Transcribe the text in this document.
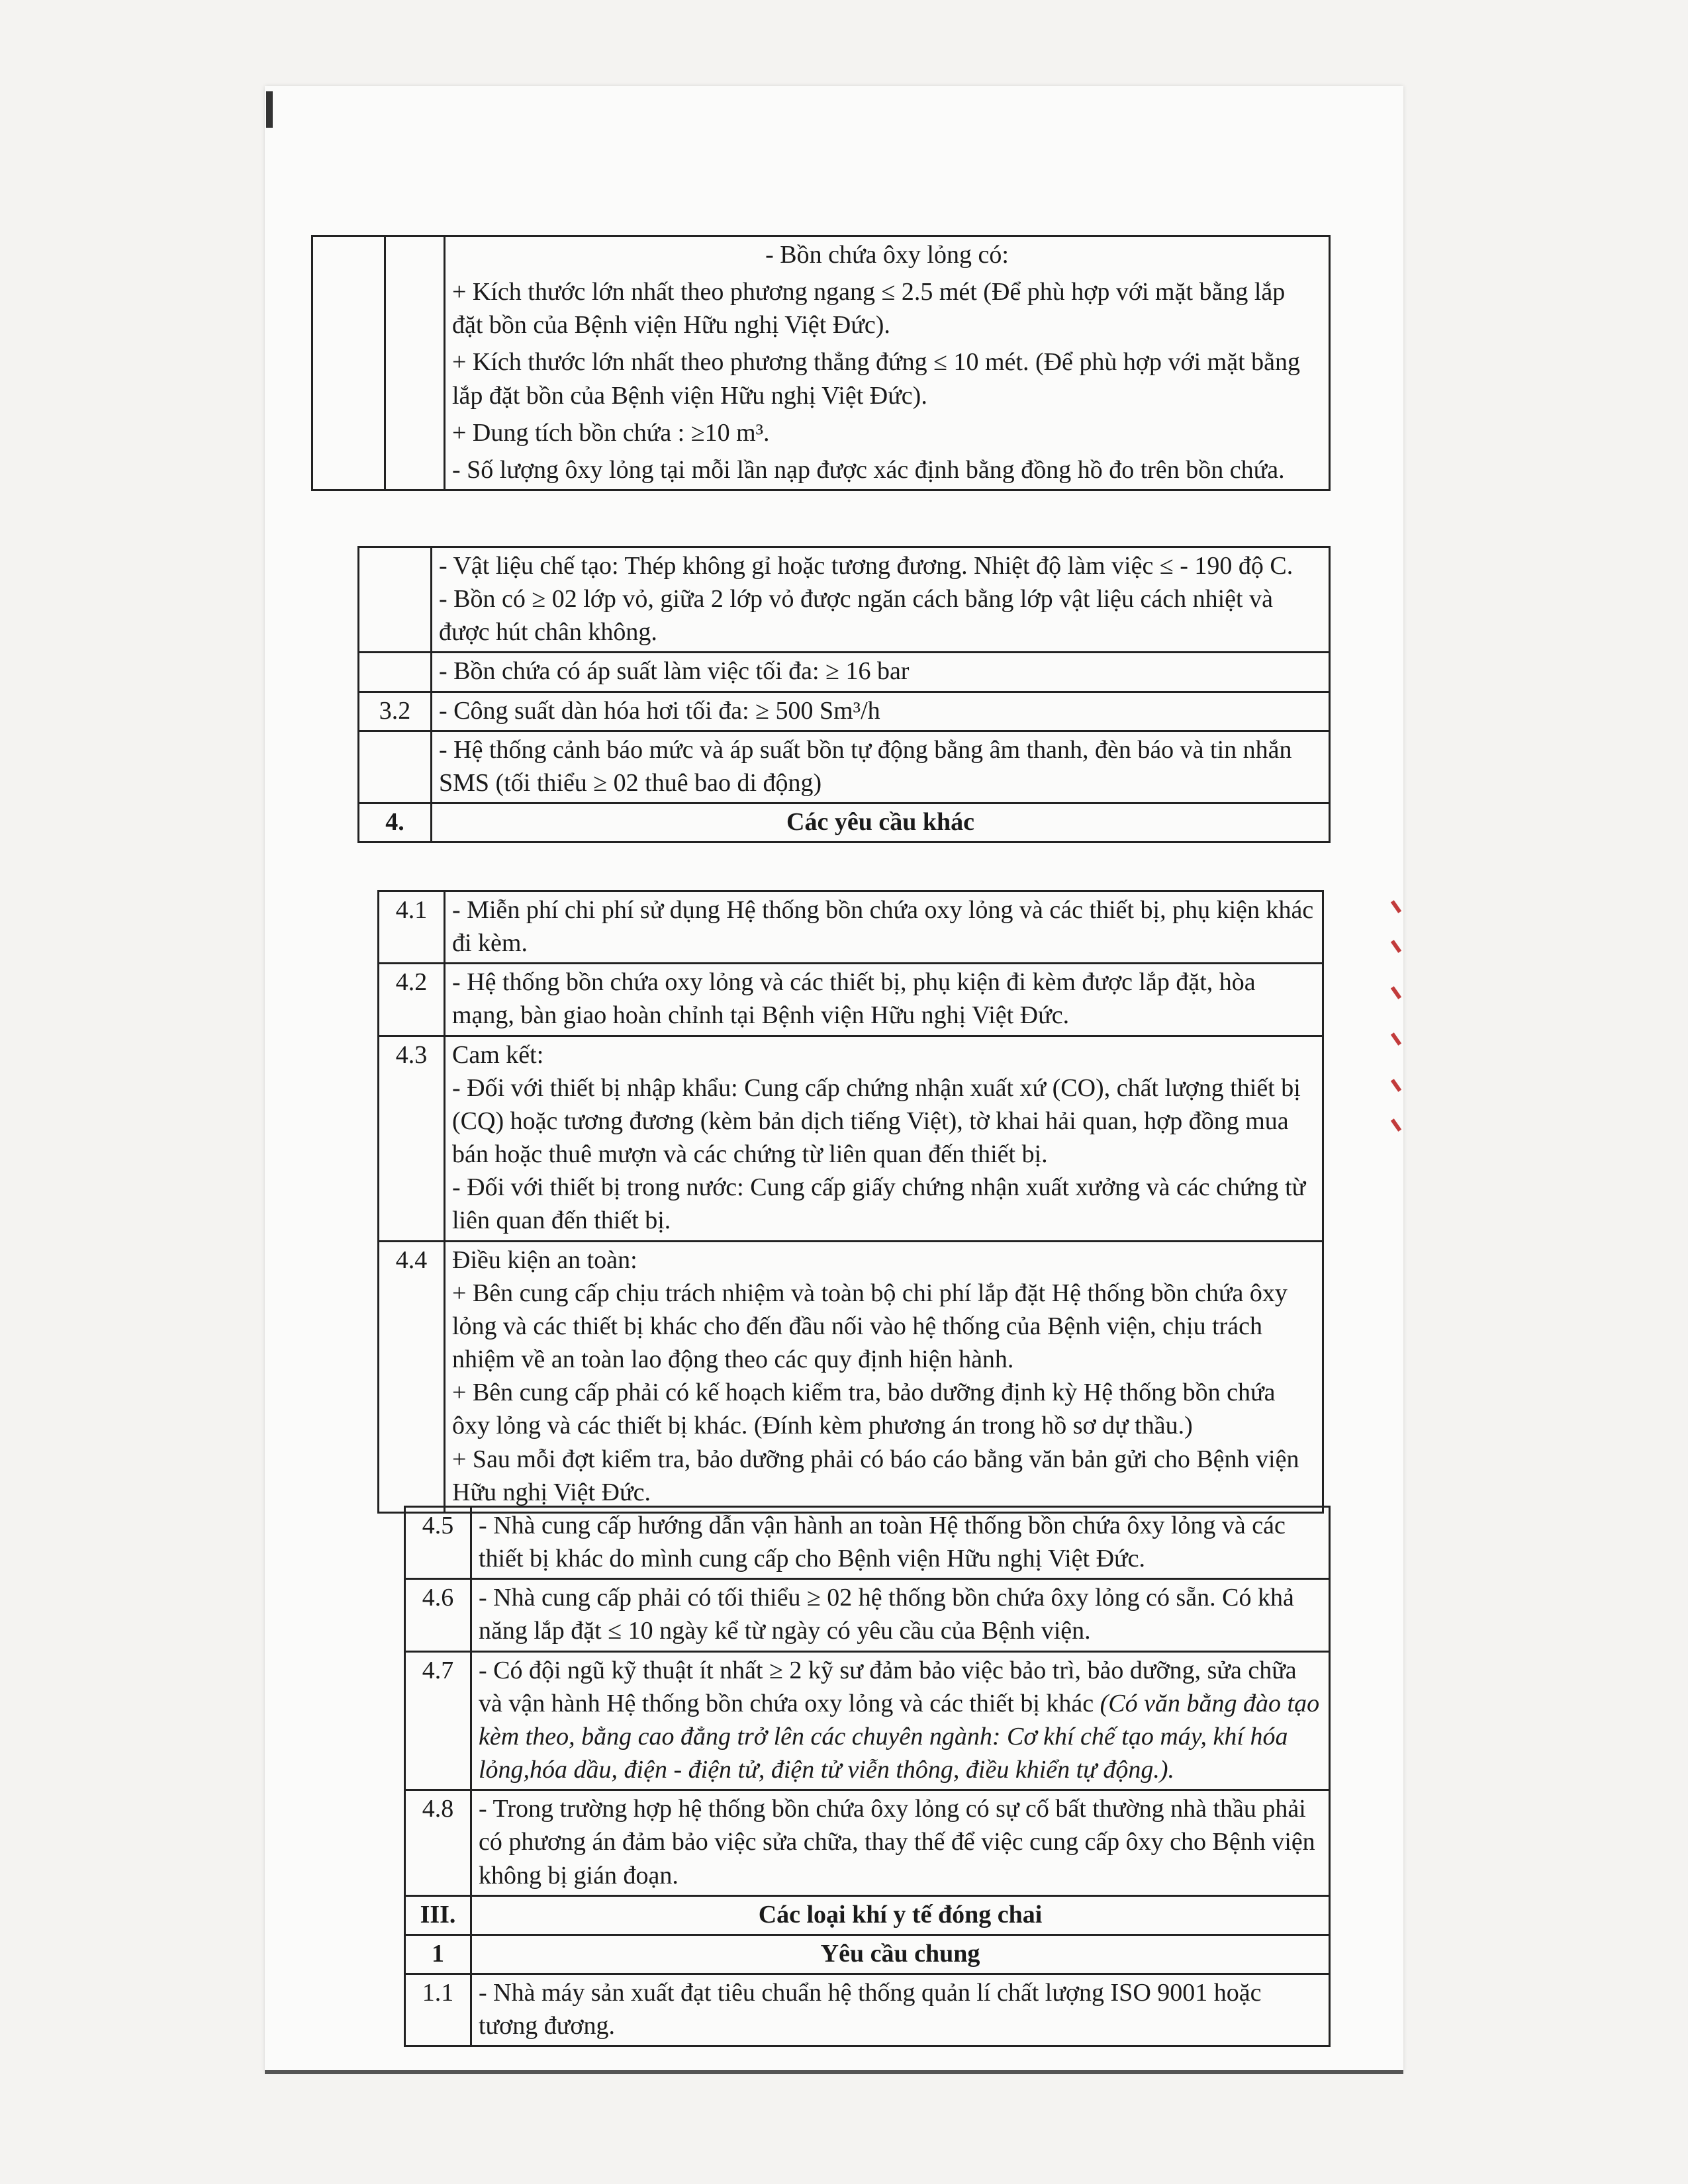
		- Bồn chứa ôxy lỏng có:
+ Kích thước lớn nhất theo phương ngang ≤ 2.5 mét (Để phù hợp với mặt bằng lắp đặt bồn của Bệnh viện Hữu nghị Việt Đức).
+ Kích thước lớn nhất theo phương thẳng đứng ≤ 10 mét. (Để phù hợp với mặt bằng lắp đặt bồn của Bệnh viện Hữu nghị Việt Đức).
+ Dung tích bồn chứa : ≥10 m³.
- Số lượng ôxy lỏng tại mỗi lần nạp được xác định bằng đồng hồ đo trên bồn chứa.
	- Vật liệu chế tạo: Thép không gỉ hoặc tương đương. Nhiệt độ làm việc ≤ - 190 độ C.
- Bồn có ≥ 02 lớp vỏ, giữa 2 lớp vỏ được ngăn cách bằng lớp vật liệu cách nhiệt và được hút chân không.
	- Bồn chứa có áp suất làm việc tối đa: ≥ 16 bar
3.2	- Công suất dàn hóa hơi tối đa: ≥ 500 Sm³/h
	- Hệ thống cảnh báo mức và áp suất bồn tự động bằng âm thanh, đèn báo và tin nhắn SMS (tối thiểu ≥ 02 thuê bao di động)
4.	Các yêu cầu khác
4.1	- Miễn phí chi phí sử dụng Hệ thống bồn chứa oxy lỏng và các thiết bị, phụ kiện khác đi kèm.
4.2	- Hệ thống bồn chứa oxy lỏng và các thiết bị, phụ kiện đi kèm được lắp đặt, hòa mạng, bàn giao hoàn chỉnh tại Bệnh viện Hữu nghị Việt Đức.
4.3	Cam kết:
- Đối với thiết bị nhập khẩu: Cung cấp chứng nhận xuất xứ (CO), chất lượng thiết bị (CQ) hoặc tương đương (kèm bản dịch tiếng Việt), tờ khai hải quan, hợp đồng mua bán hoặc thuê mượn và các chứng từ liên quan đến thiết bị.
- Đối với thiết bị trong nước: Cung cấp giấy chứng nhận xuất xưởng và các chứng từ liên quan đến thiết bị.
4.4	Điều kiện an toàn:
+ Bên cung cấp chịu trách nhiệm và toàn bộ chi phí lắp đặt Hệ thống bồn chứa ôxy lỏng và các thiết bị khác cho đến đầu nối vào hệ thống của Bệnh viện, chịu trách nhiệm về an toàn lao động theo các quy định hiện hành.
+ Bên cung cấp phải có kế hoạch kiểm tra, bảo dưỡng định kỳ Hệ thống bồn chứa ôxy lỏng và các thiết bị khác. (Đính kèm phương án trong hồ sơ dự thầu.)
+ Sau mỗi đợt kiểm tra, bảo dưỡng phải có báo cáo bằng văn bản gửi cho Bệnh viện Hữu nghị Việt Đức.
4.5	- Nhà cung cấp hướng dẫn vận hành an toàn Hệ thống bồn chứa ôxy lỏng và các thiết bị khác do mình cung cấp cho Bệnh viện Hữu nghị Việt Đức.
4.6	- Nhà cung cấp phải có tối thiểu ≥ 02 hệ thống bồn chứa ôxy lỏng có sẵn. Có khả năng lắp đặt ≤ 10 ngày kể từ ngày có yêu cầu của Bệnh viện.
4.7	- Có đội ngũ kỹ thuật ít nhất ≥ 2 kỹ sư đảm bảo việc bảo trì, bảo dưỡng, sửa chữa và vận hành Hệ thống bồn chứa oxy lỏng và các thiết bị khác (Có văn bằng đào tạo kèm theo, bằng cao đẳng trở lên các chuyên ngành: Cơ khí chế tạo máy, khí hóa lỏng,hóa dầu, điện - điện tử, điện tử viễn thông, điều khiển tự động.).
4.8	- Trong trường hợp hệ thống bồn chứa ôxy lỏng có sự cố bất thường nhà thầu phải có phương án đảm bảo việc sửa chữa, thay thế để việc cung cấp ôxy cho Bệnh viện không bị gián đoạn.
III.	Các loại khí y tế đóng chai
1	Yêu cầu chung
1.1	- Nhà máy sản xuất đạt tiêu chuẩn hệ thống quản lí chất lượng ISO 9001 hoặc tương đương.
